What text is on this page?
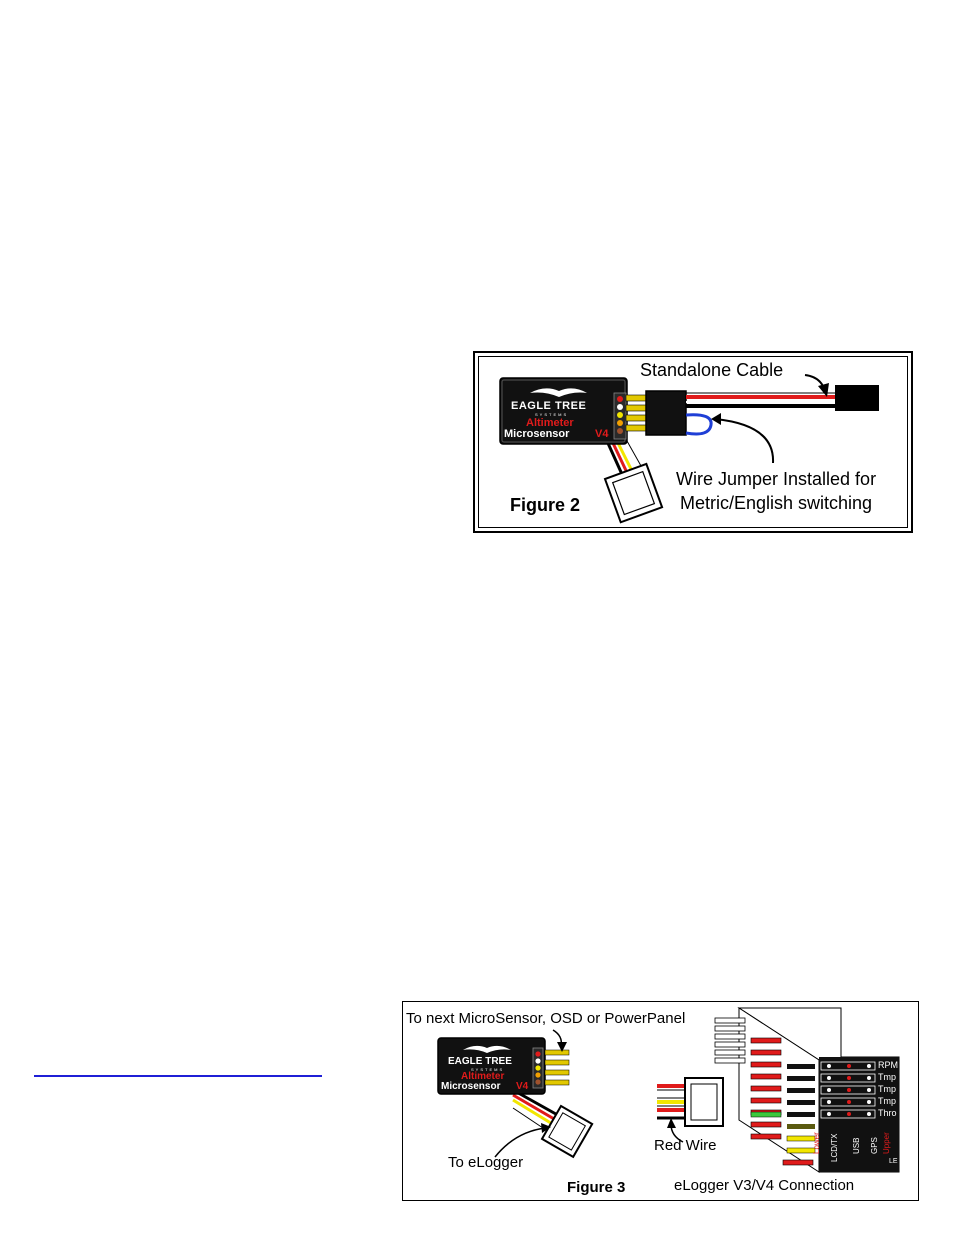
EAGLE TREE
SYSTEMS
Altimeter
Microsensor V4
Standalone Cable
Wire Jumper Installed for
Metric/English switching
Figure 2
EAGLE TREE
SYSTEMS
Altimeter
Microsensor V4
RPM
Tmp
Tmp
Tmp
Thro
Lower LCD/TX USB GPS Upper
LE
To next MicroSensor, OSD or PowerPanel
To eLogger
Red Wire
Figure 3	eLogger V3/V4 Connection
